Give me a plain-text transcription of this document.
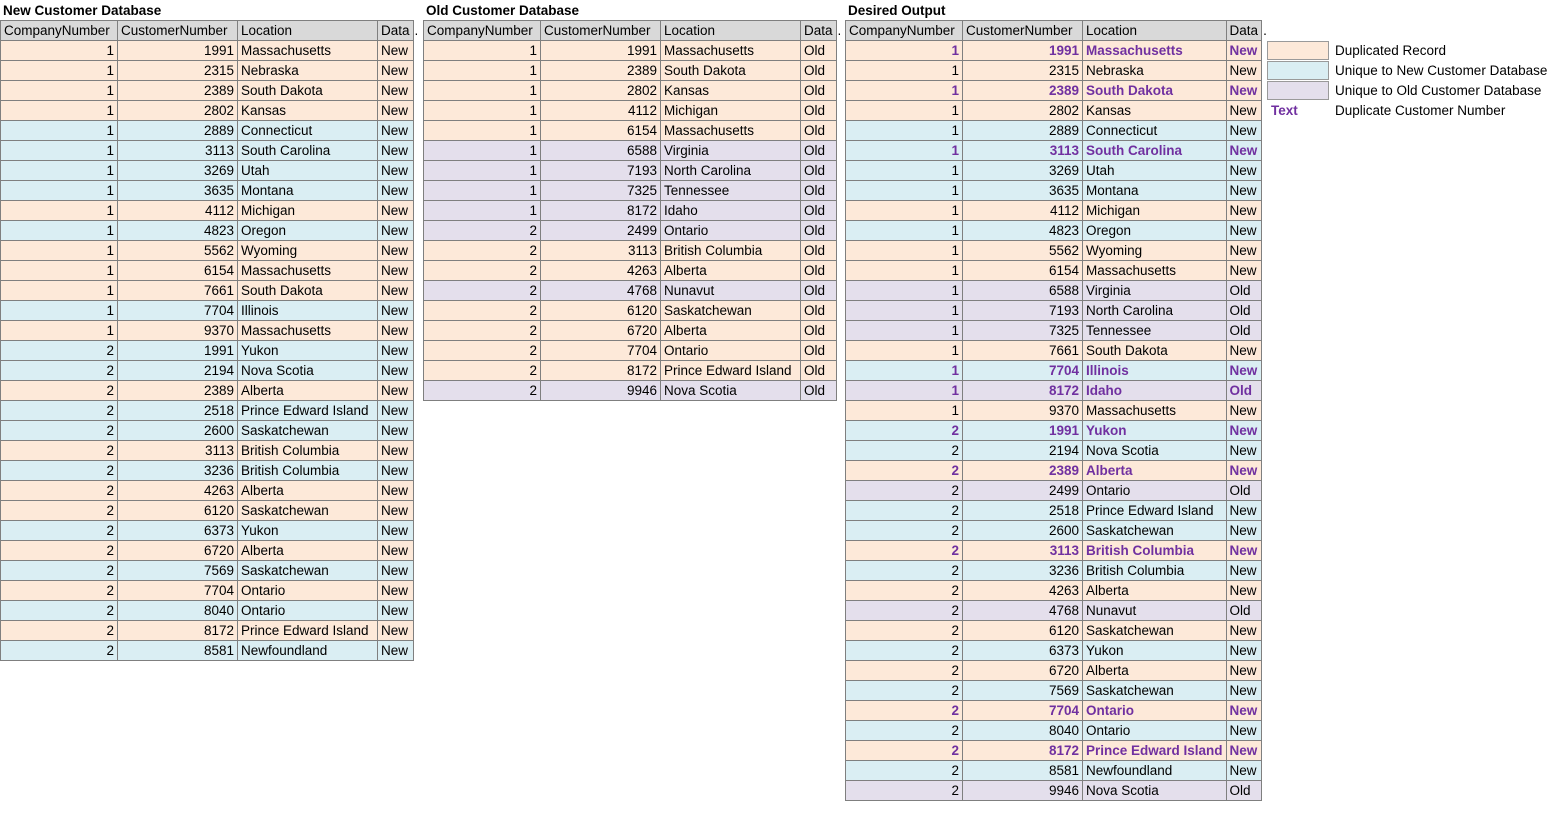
New Customer Database
CompanyNumber	CustomerNumber	Location	Data	.
1	1991	Massachusetts	New	
1	2315	Nebraska	New	
1	2389	South Dakota	New	
1	2802	Kansas	New	
1	2889	Connecticut	New	
1	3113	South Carolina	New	
1	3269	Utah	New	
1	3635	Montana	New	
1	4112	Michigan	New	
1	4823	Oregon	New	
1	5562	Wyoming	New	
1	6154	Massachusetts	New	
1	7661	South Dakota	New	
1	7704	Illinois	New	
1	9370	Massachusetts	New	
2	1991	Yukon	New	
2	2194	Nova Scotia	New	
2	2389	Alberta	New	
2	2518	Prince Edward Island	New	
2	2600	Saskatchewan	New	
2	3113	British Columbia	New	
2	3236	British Columbia	New	
2	4263	Alberta	New	
2	6120	Saskatchewan	New	
2	6373	Yukon	New	
2	6720	Alberta	New	
2	7569	Saskatchewan	New	
2	7704	Ontario	New	
2	8040	Ontario	New	
2	8172	Prince Edward Island	New	
2	8581	Newfoundland	New	
Old Customer Database
CompanyNumber	CustomerNumber	Location	Data	.
1	1991	Massachusetts	Old	
1	2389	South Dakota	Old	
1	2802	Kansas	Old	
1	4112	Michigan	Old	
1	6154	Massachusetts	Old	
1	6588	Virginia	Old	
1	7193	North Carolina	Old	
1	7325	Tennessee	Old	
1	8172	Idaho	Old	
2	2499	Ontario	Old	
2	3113	British Columbia	Old	
2	4263	Alberta	Old	
2	4768	Nunavut	Old	
2	6120	Saskatchewan	Old	
2	6720	Alberta	Old	
2	7704	Ontario	Old	
2	8172	Prince Edward Island	Old	
2	9946	Nova Scotia	Old	
Desired Output
CompanyNumber	CustomerNumber	Location	Data	.
1	1991	Massachusetts	New	
1	2315	Nebraska	New	
1	2389	South Dakota	New	
1	2802	Kansas	New	
1	2889	Connecticut	New	
1	3113	South Carolina	New	
1	3269	Utah	New	
1	3635	Montana	New	
1	4112	Michigan	New	
1	4823	Oregon	New	
1	5562	Wyoming	New	
1	6154	Massachusetts	New	
1	6588	Virginia	Old	
1	7193	North Carolina	Old	
1	7325	Tennessee	Old	
1	7661	South Dakota	New	
1	7704	Illinois	New	
1	8172	Idaho	Old	
1	9370	Massachusetts	New	
2	1991	Yukon	New	
2	2194	Nova Scotia	New	
2	2389	Alberta	New	
2	2499	Ontario	Old	
2	2518	Prince Edward Island	New	
2	2600	Saskatchewan	New	
2	3113	British Columbia	New	
2	3236	British Columbia	New	
2	4263	Alberta	New	
2	4768	Nunavut	Old	
2	6120	Saskatchewan	New	
2	6373	Yukon	New	
2	6720	Alberta	New	
2	7569	Saskatchewan	New	
2	7704	Ontario	New	
2	8040	Ontario	New	
2	8172	Prince Edward Island	New	
2	8581	Newfoundland	New	
2	9946	Nova Scotia	Old	
Duplicated Record
Unique to New Customer Database
Unique to Old Customer Database
Text	Duplicate Customer Number
